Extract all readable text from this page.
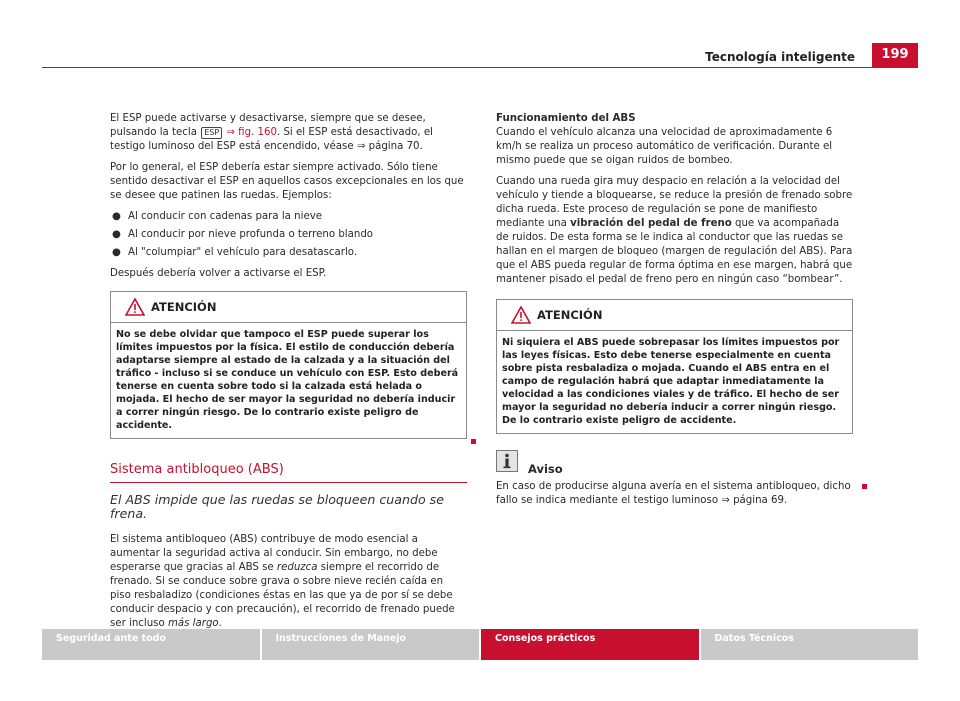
Tecnología inteligente	199

El ESP puede activarse y desactivarse, siempre que se desee, pulsando la tecla ESP ⇒ fig. 160. Si el ESP está desactivado, el testigo luminoso del ESP está encendido, véase ⇒ página 70.

Por lo general, el ESP debería estar siempre activado. Sólo tiene sentido desactivar el ESP en aquellos casos excepcionales en los que se desee que patinen las ruedas. Ejemplos:

● Al conducir con cadenas para la nieve
● Al conducir por nieve profunda o terreno blando
● Al "columpiar" el vehículo para desatascarlo.

Después debería volver a activarse el ESP.

ATENCIÓN
No se debe olvidar que tampoco el ESP puede superar los límites impuestos por la física. El estilo de conducción debería adaptarse siempre al estado de la calzada y a la situación del tráfico - incluso si se conduce un vehículo con ESP. Esto deberá tenerse en cuenta sobre todo si la calzada está helada o mojada. El hecho de ser mayor la seguridad no debería inducir a correr ningún riesgo. De lo contrario existe peligro de accidente.
Sistema antibloqueo (ABS)
El ABS impide que las ruedas se bloqueen cuando se frena.

El sistema antibloqueo (ABS) contribuye de modo esencial a aumentar la seguridad activa al conducir. Sin embargo, no debe esperarse que gracias al ABS se reduzca siempre el recorrido de frenado. Si se conduce sobre grava o sobre nieve recién caída en piso resbaladizo (condiciones éstas en las que ya de por sí se debe conducir despacio y con precaución), el recorrido de frenado puede ser incluso más largo.

Funcionamiento del ABS

Cuando el vehículo alcanza una velocidad de aproximadamente 6 km/h se realiza un proceso automático de verificación. Durante el mismo puede que se oigan ruidos de bombeo.

Cuando una rueda gira muy despacio en relación a la velocidad del vehículo y tiende a bloquearse, se reduce la presión de frenado sobre dicha rueda. Este proceso de regulación se pone de manifiesto mediante una vibración del pedal de freno que va acompañada de ruidos. De esta forma se le indica al conductor que las ruedas se hallan en el margen de bloqueo (margen de regulación del ABS). Para que el ABS pueda regular de forma óptima en ese margen, habrá que mantener pisado el pedal de freno pero en ningún caso “bombear”.

ATENCIÓN
Ni siquiera el ABS puede sobrepasar los límites impuestos por las leyes físicas. Esto debe tenerse especialmente en cuenta sobre pista resbaladiza o mojada. Cuando el ABS entra en el campo de regulación habrá que adaptar inmediatamente la velocidad a las condiciones viales y de tráfico. El hecho de ser mayor la seguridad no debería inducir a correr ningún riesgo. De lo contrario existe peligro de accidente.
Aviso

En caso de producirse alguna avería en el sistema antibloqueo, dicho fallo se indica mediante el testigo luminoso ⇒ página 69.

Seguridad ante todo	Instrucciones de Manejo	Consejos prácticos	Datos Técnicos
